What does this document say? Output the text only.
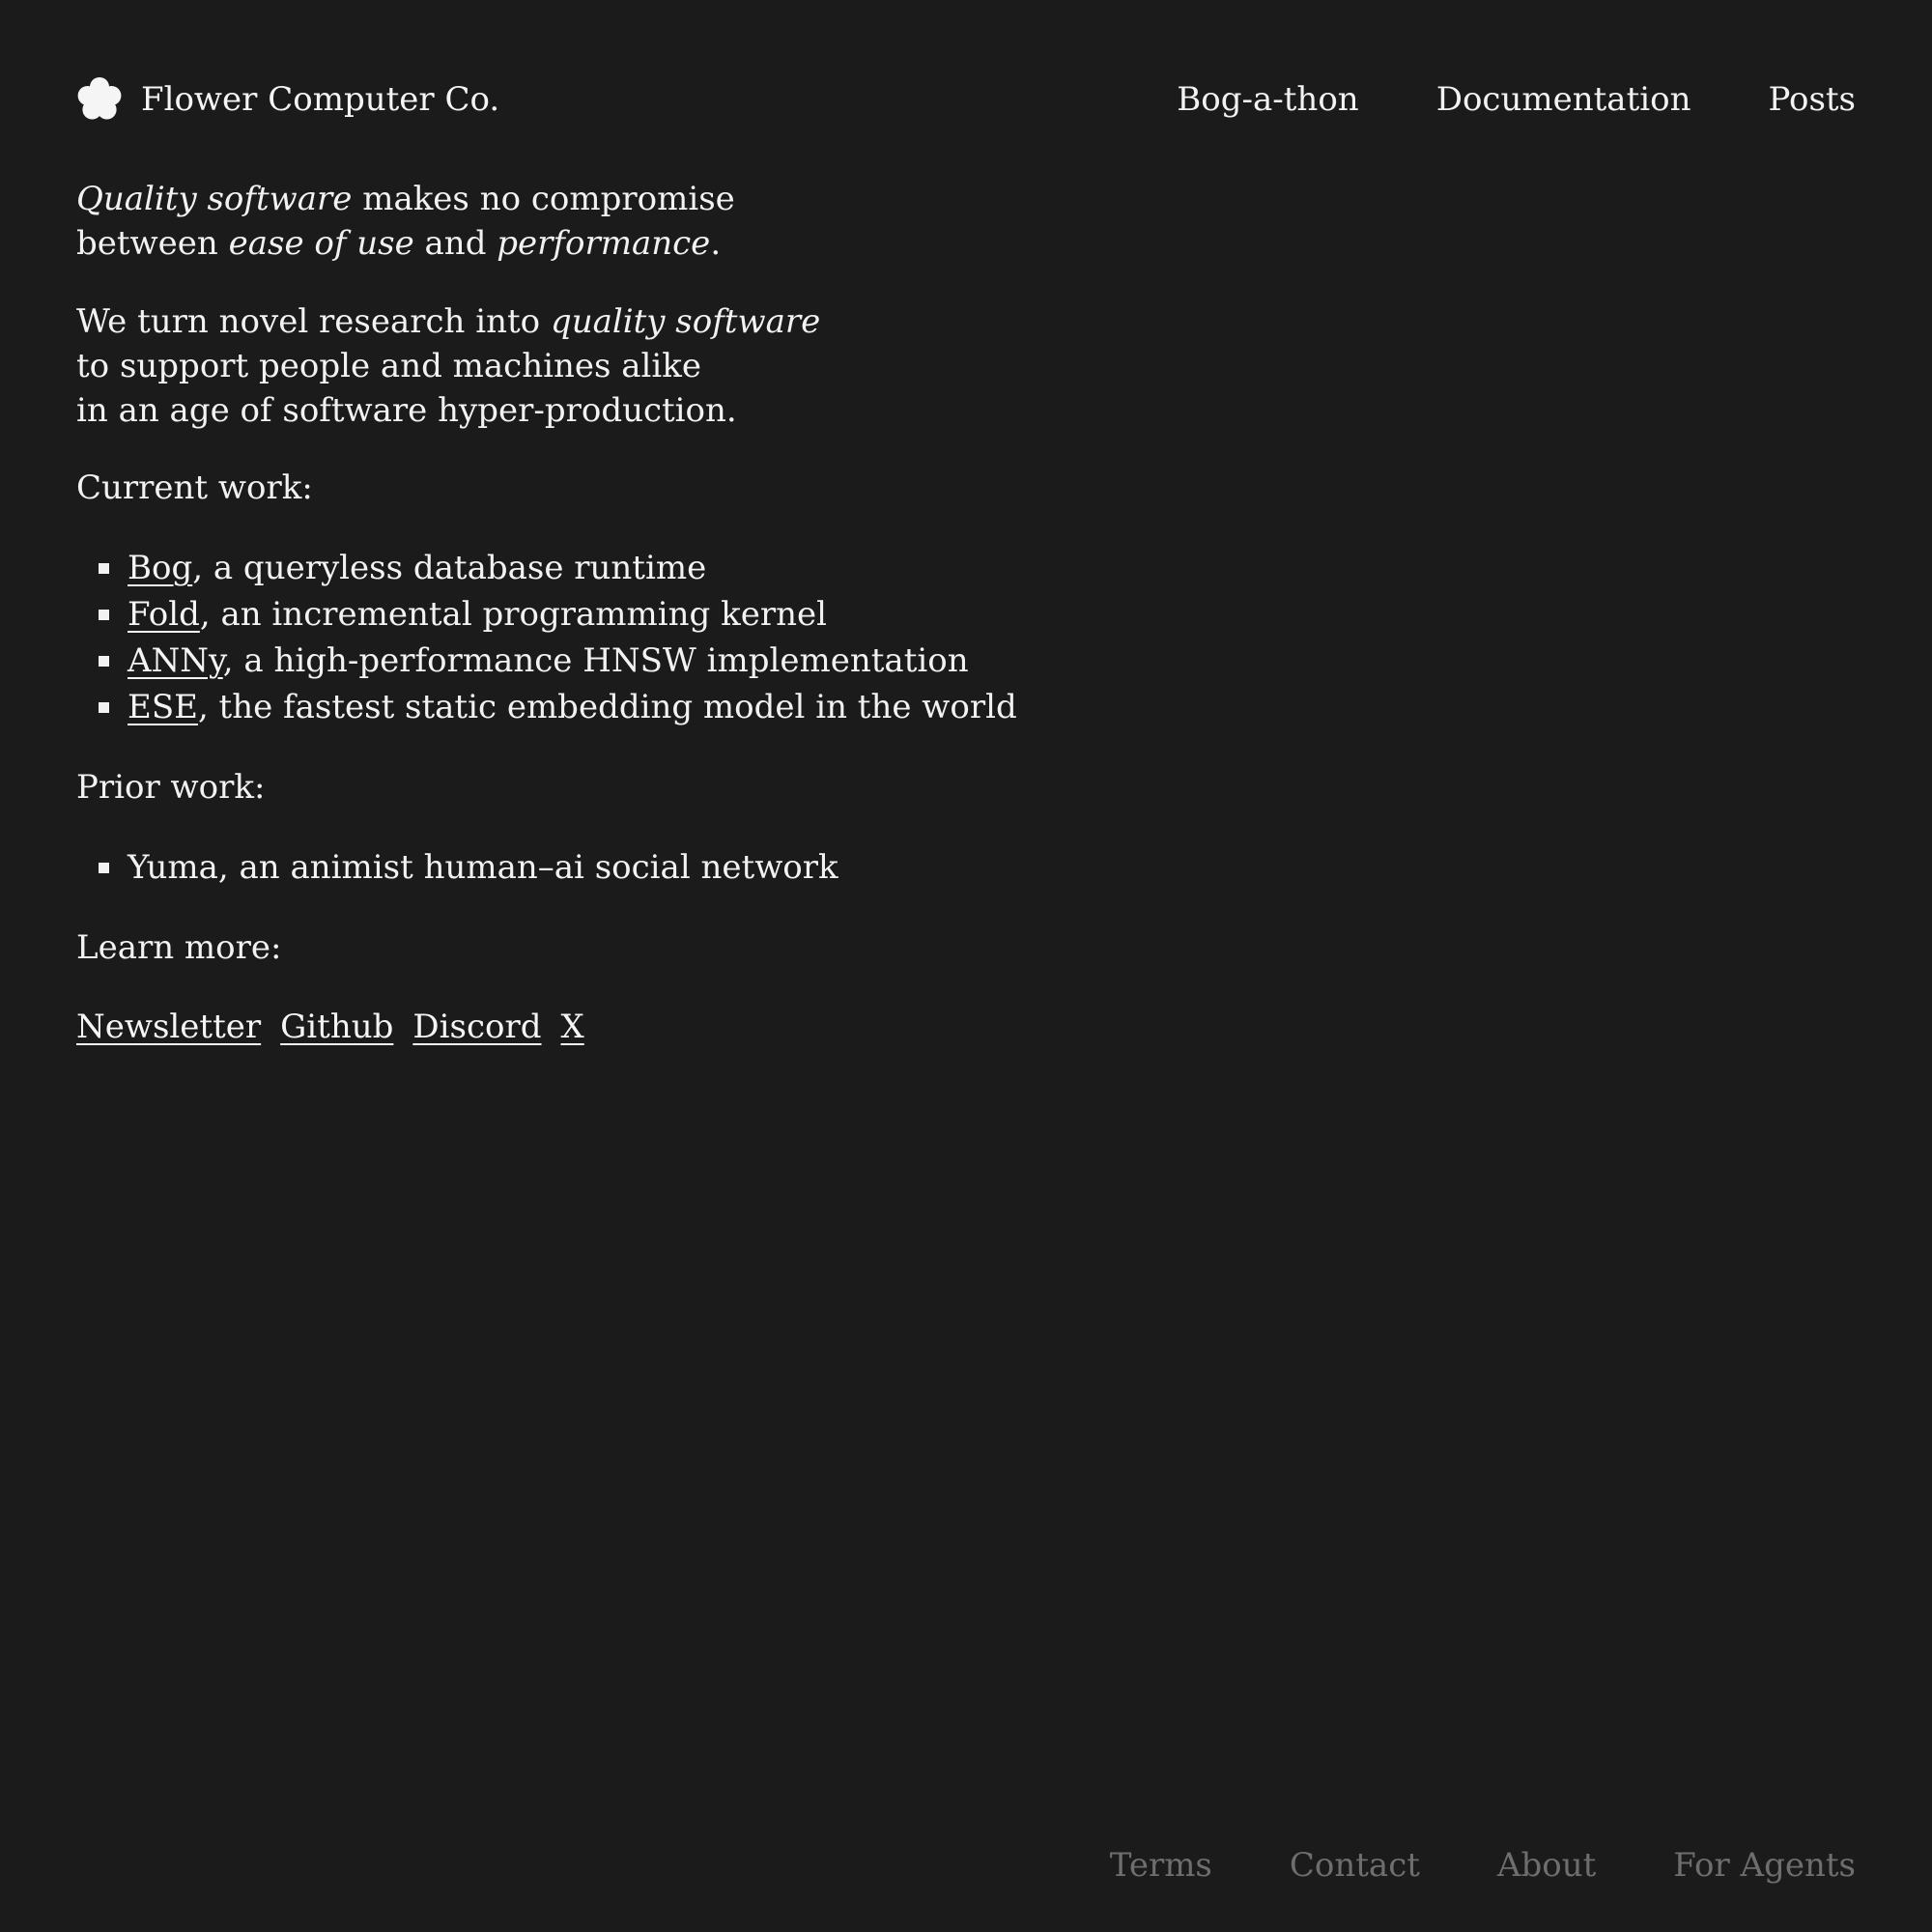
Flower Computer Co.	Bog-a-thon Documentation Posts

Quality software makes no compromise
between ease of use and performance.

We turn novel research into quality software
to support people and machines alike
in an age of software hyper-production.

Current work:

Bog, a queryless database runtime
Fold, an incremental programming kernel
ANNy, a high-performance HNSW implementation
ESE, the fastest static embedding model in the world

Prior work:

Yuma, an animist human–ai social network

Learn more:

Newsletter Github Discord X
Terms Contact About For Agents
